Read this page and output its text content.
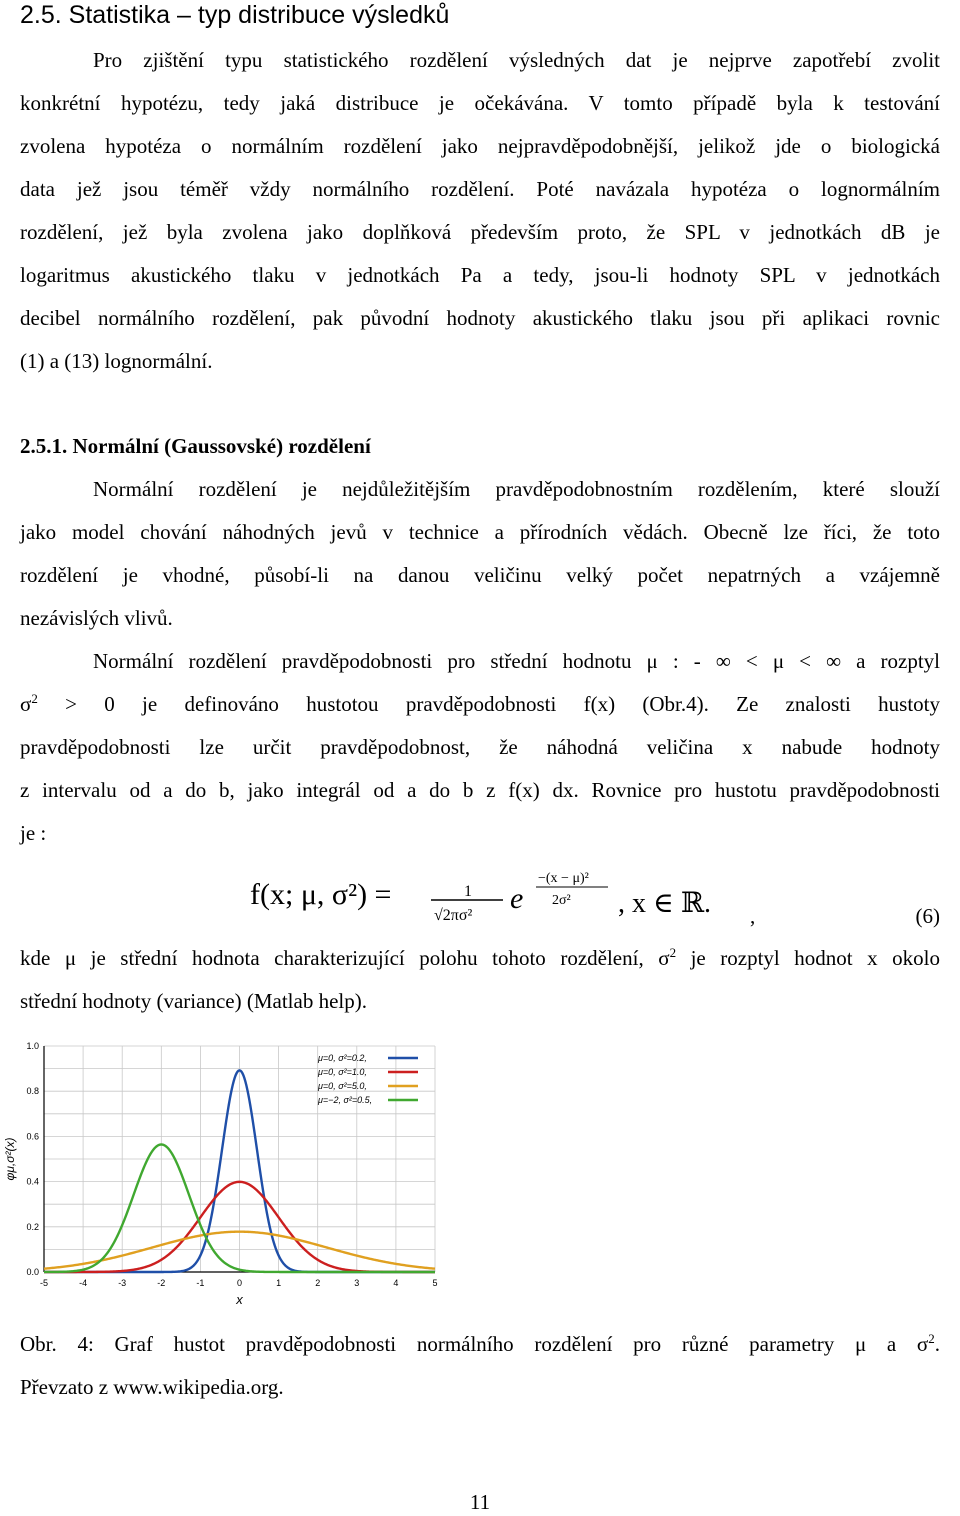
2.5. Statistika – typ distribuce výsledků
Pro zjištění typu statistického rozdělení výsledných dat je nejprve zapotřebí zvolit
konkrétní hypotézu, tedy jaká distribuce je očekávána. V tomto případě byla k testování
zvolena hypotéza o normálním rozdělení jako nejpravděpodobnější, jelikož jde o biologická
data jež jsou téměř vždy normálního rozdělení. Poté navázala hypotéza o lognormálním
rozdělení, jež byla zvolena jako doplňková především proto, že SPL v jednotkách dB je
logaritmus akustického tlaku v jednotkách Pa a tedy, jsou-li hodnoty SPL v jednotkách
decibel normálního rozdělení, pak původní hodnoty akustického tlaku jsou při aplikaci rovnic
(1) a (13) lognormální.
2.5.1. Normální (Gaussovské) rozdělení
Normální rozdělení je nejdůležitějším pravděpodobnostním rozdělením, které slouží
jako model chování náhodných jevů v technice a přírodních vědách. Obecně lze říci, že toto
rozdělení je vhodné, působí-li na danou veličinu velký počet nepatrných a vzájemně
nezávislých vlivů.
Normální rozdělení pravděpodobnosti pro střední hodnotu μ : - ∞ < μ < ∞ a rozptyl
$\sigma^2 > 0$ je definováno hustotou pravděpodobnosti f(x) (Obr.4). Ze znalosti hustoty
pravděpodobnosti lze určit pravděpodobnost, že náhodná veličina x nabude hodnoty
z intervalu od a do b, jako integrál od a do b z f(x) dx. Rovnice pro hustotu pravděpodobnosti
je :
f(x; μ, σ²) =	1
√2πσ²
e
−(x − μ)²
2σ² , x ∈ ℝ. ,	(6)
kde μ je střední hodnota charakterizující polohu tohoto rozdělení, $\sigma^2$ je rozptyl hodnot x okolo
střední hodnoty (variance) (Matlab help).
-5	-4	-3	-2	-1	0	1	2	3	4	5
0.0
0.2
0.4
0.6
0.8
1.0
x
φμ,σ²(x)
μ=0, σ²=0.2,
μ=0, σ²=1.0,
μ=0, σ²=5.0,
μ=−2, σ²=0.5,
Obr. 4: Graf hustot pravděpodobnosti normálního rozdělení pro různé parametry μ a $\sigma^2$.
Převzato z www.wikipedia.org.
11
